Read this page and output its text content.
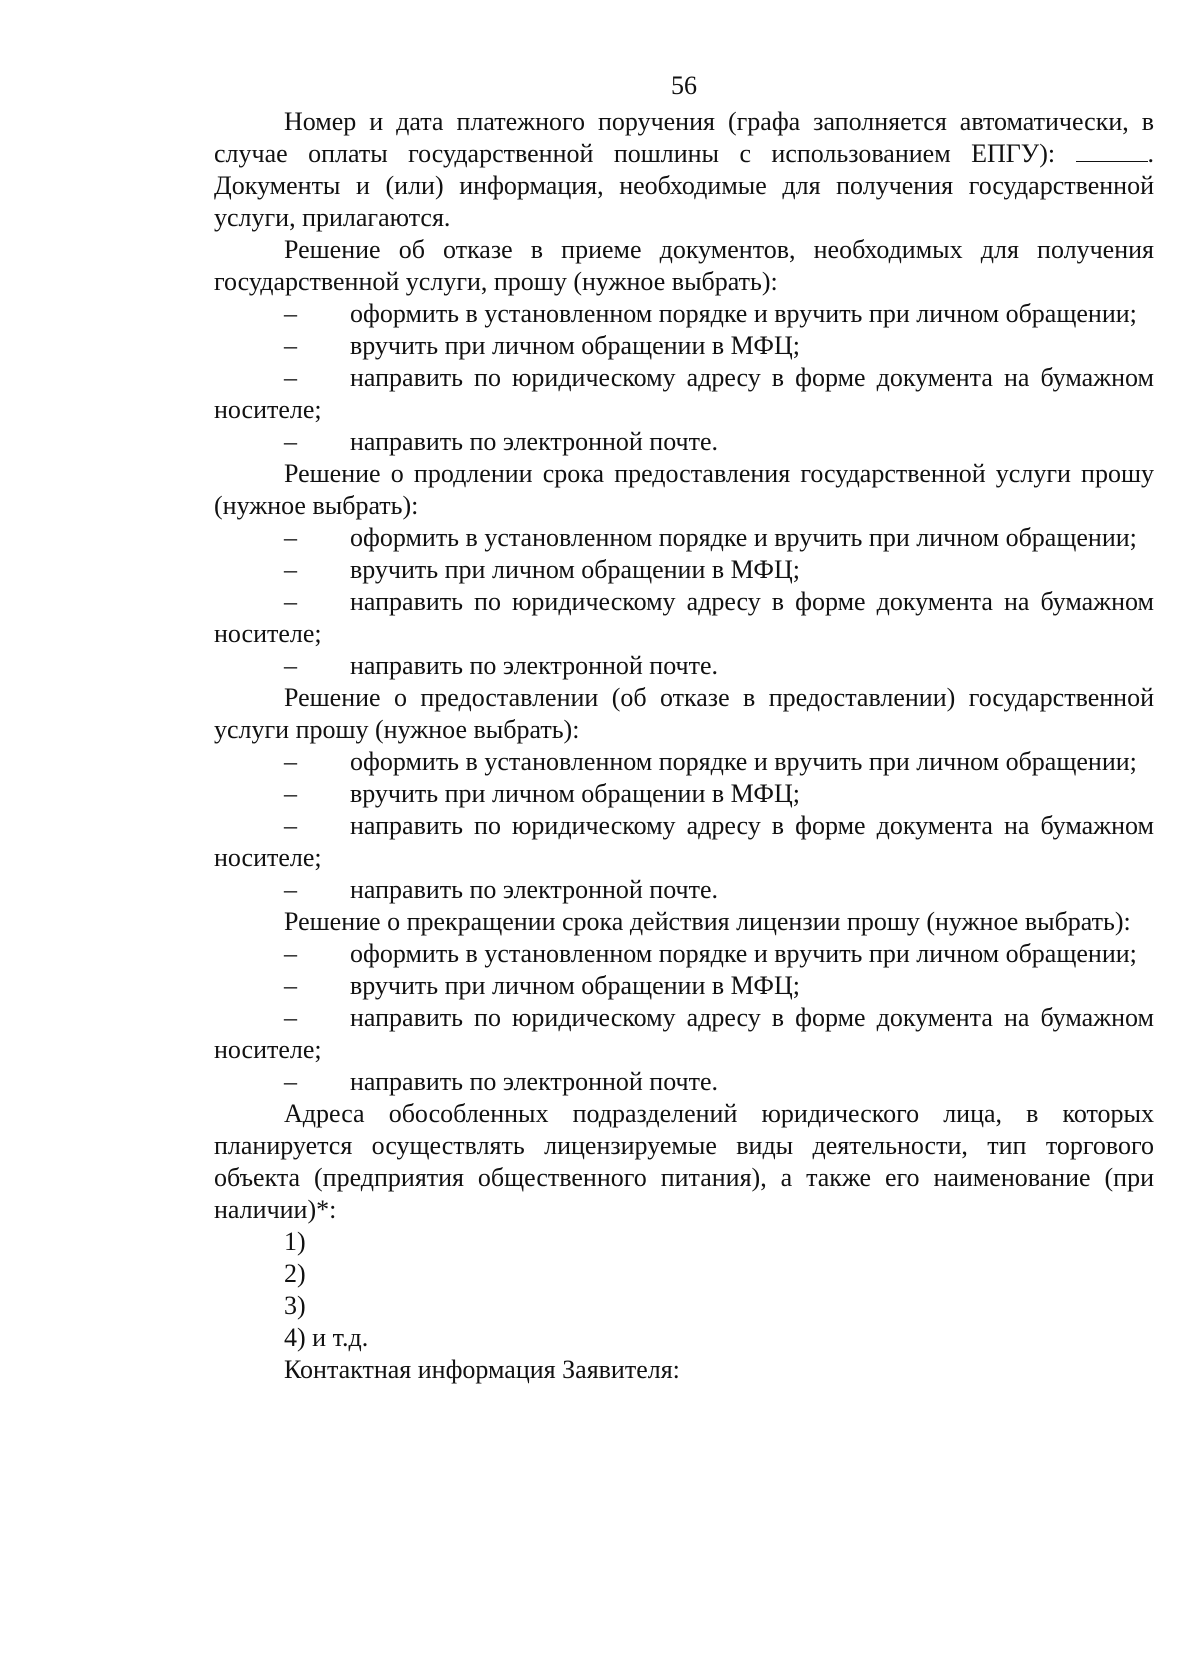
56

Номер и дата платежного поручения (графа заполняется автоматически, в случае оплаты государственной пошлины с использованием ЕПГУ):	. Документы и (или) информация, необходимые для получения государственной услуги, прилагаются.

Решение об отказе в приеме документов, необходимых для получения государственной услуги, прошу (нужное выбрать):

– оформить в установленном порядке и вручить при личном обращении;

– вручить при личном обращении в МФЦ;

– направить по юридическому адресу в форме документа на бумажном носителе;

– направить по электронной почте.

Решение о продлении срока предоставления государственной услуги прошу (нужное выбрать):

– оформить в установленном порядке и вручить при личном обращении;

– вручить при личном обращении в МФЦ;

– направить по юридическому адресу в форме документа на бумажном носителе;

– направить по электронной почте.

Решение о предоставлении (об отказе в предоставлении) государственной услуги прошу (нужное выбрать):

– оформить в установленном порядке и вручить при личном обращении;

– вручить при личном обращении в МФЦ;

– направить по юридическому адресу в форме документа на бумажном носителе;

– направить по электронной почте.

Решение о прекращении срока действия лицензии прошу (нужное выбрать):

– оформить в установленном порядке и вручить при личном обращении;

– вручить при личном обращении в МФЦ;

– направить по юридическому адресу в форме документа на бумажном носителе;

– направить по электронной почте.

Адреса обособленных подразделений юридического лица, в которых планируется осуществлять лицензируемые виды деятельности, тип торгового объекта (предприятия общественного питания), а также его наименование (при наличии)*:

1)

2)

3)

4) и т.д.

Контактная информация Заявителя:
